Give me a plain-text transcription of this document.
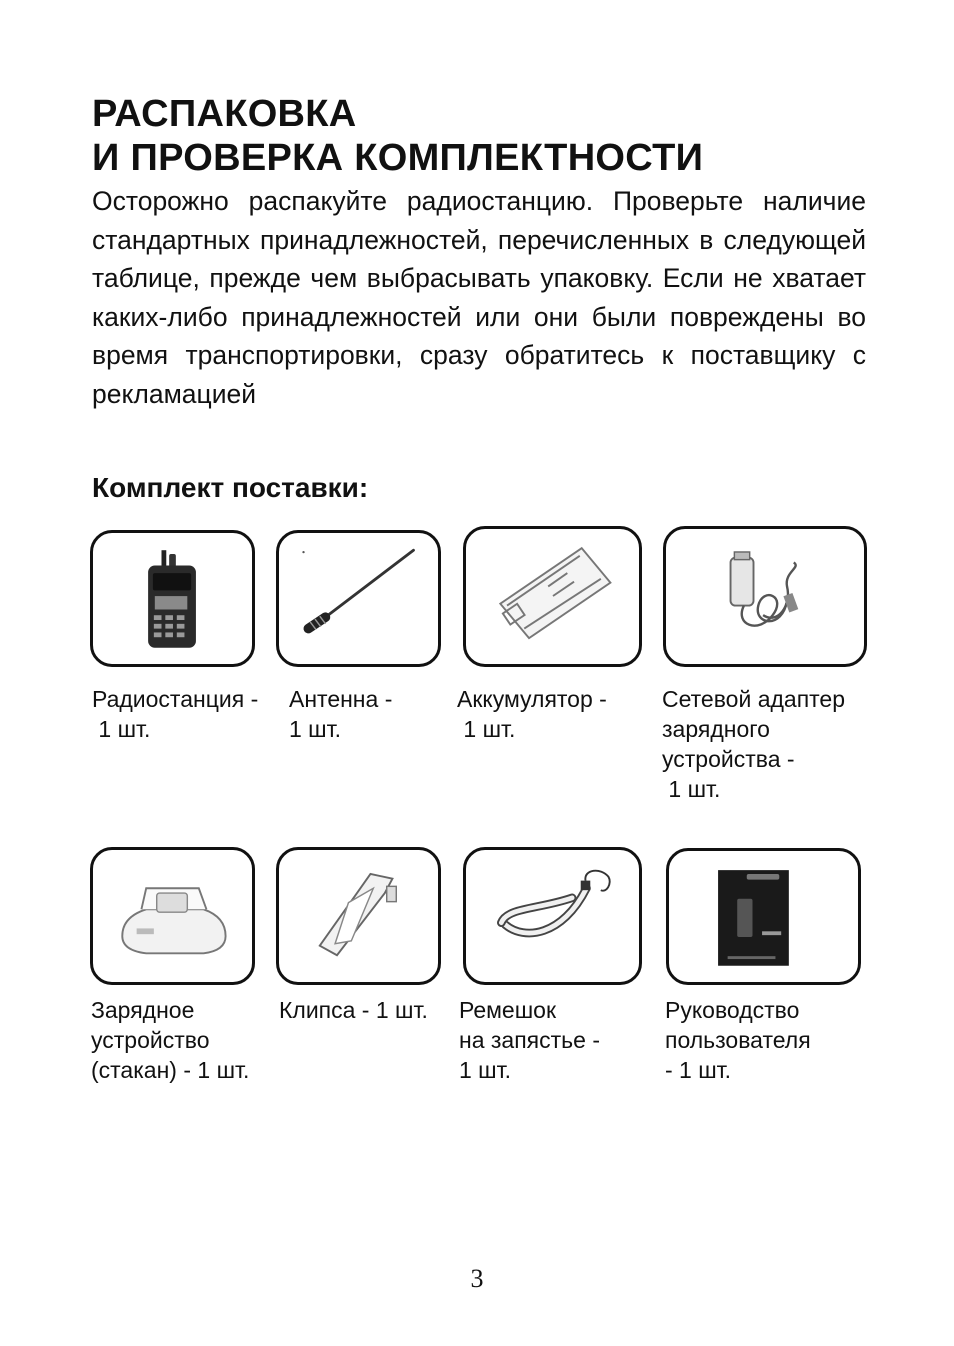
РАСПАКОВКА
И ПРОВЕРКА КОМПЛЕКТНОСТИ

Осторожно распакуйте радиостанцию. Проверьте наличие стандартных принадлежностей, перечисленных в следующей таблице, прежде чем выбрасывать упаковку. Если не хватает каких-либо принадлежностей или они были повреждены во время транспортировки, сразу обратитесь к поставщику с рекламацией

Комплект поставки:

Радиостанция -
1 шт.

Антенна -
1 шт.

Аккумулятор -
1 шт.

Сетевой адаптер
зарядного
устройства -
1 шт.

Зарядное
устройство
(стакан) - 1 шт.

Клипса - 1 шт. Ремешок
на запястье -
1 шт.

Руководство
пользователя
- 1 шт.

3
